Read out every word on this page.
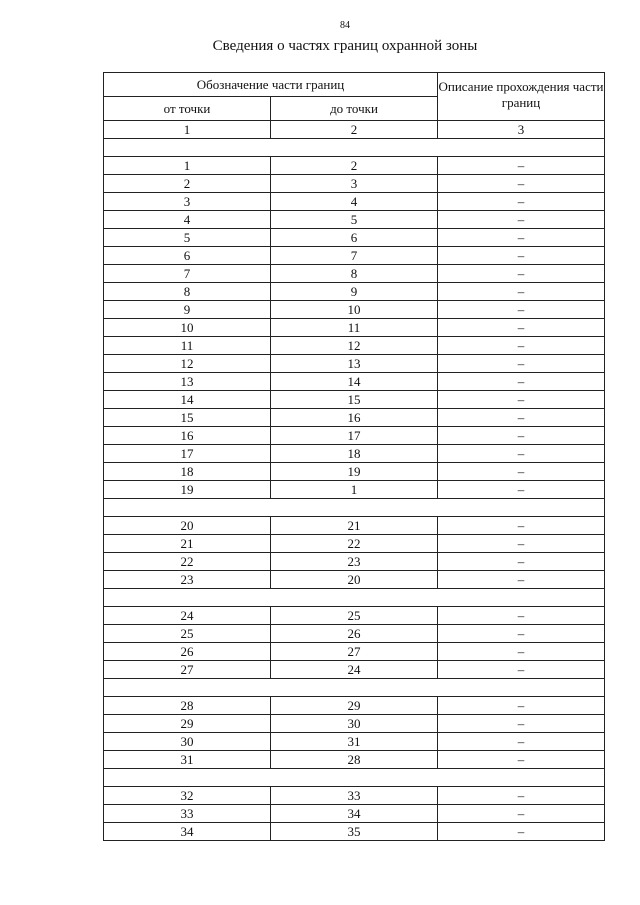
84
Сведения о частях границ охранной зоны
Обозначение части границ		Описание прохождения части границ
от точки	до точки	
1	2	3

1	2	–
2	3	–
3	4	–
4	5	–
5	6	–
6	7	–
7	8	–
8	9	–
9	10	–
10	11	–
11	12	–
12	13	–
13	14	–
14	15	–
15	16	–
16	17	–
17	18	–
18	19	–
19	1	–

20	21	–
21	22	–
22	23	–
23	20	–

24	25	–
25	26	–
26	27	–
27	24	–

28	29	–
29	30	–
30	31	–
31	28	–

32	33	–
33	34	–
34	35	–
